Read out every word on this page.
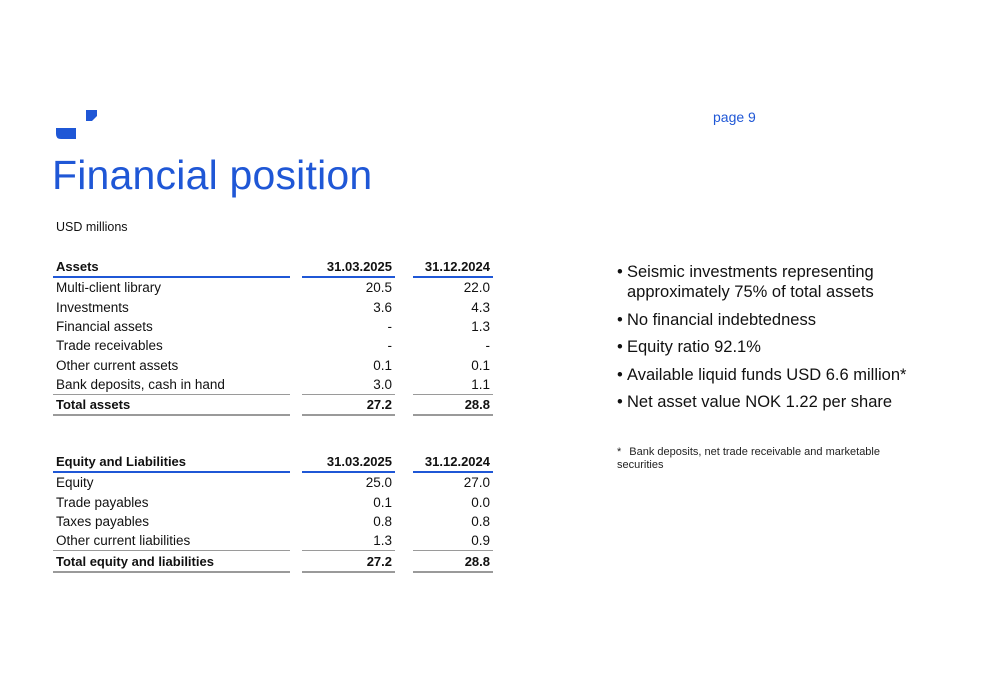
page 9
Financial position
USD millions
Assets		31.03.2025		31.12.2024
Multi-client library		20.5		22.0
Investments		3.6		4.3
Financial assets		-		1.3
Trade receivables		-		-
Other current assets		0.1		0.1
Bank deposits, cash in hand		3.0		1.1
Total assets		27.2		28.8
Equity and Liabilities		31.03.2025		31.12.2024
Equity		25.0		27.0
Trade payables		0.1		0.0
Taxes payables		0.8		0.8
Other current liabilities		1.3		0.9
Total equity and liabilities		27.2		28.8
• Seismic investments representing approximately 75% of total assets
• No financial indebtedness
• Equity ratio 92.1%
• Available liquid funds USD 6.6 million*
• Net asset value NOK 1.22 per share
* Bank deposits, net trade receivable and marketable securities
